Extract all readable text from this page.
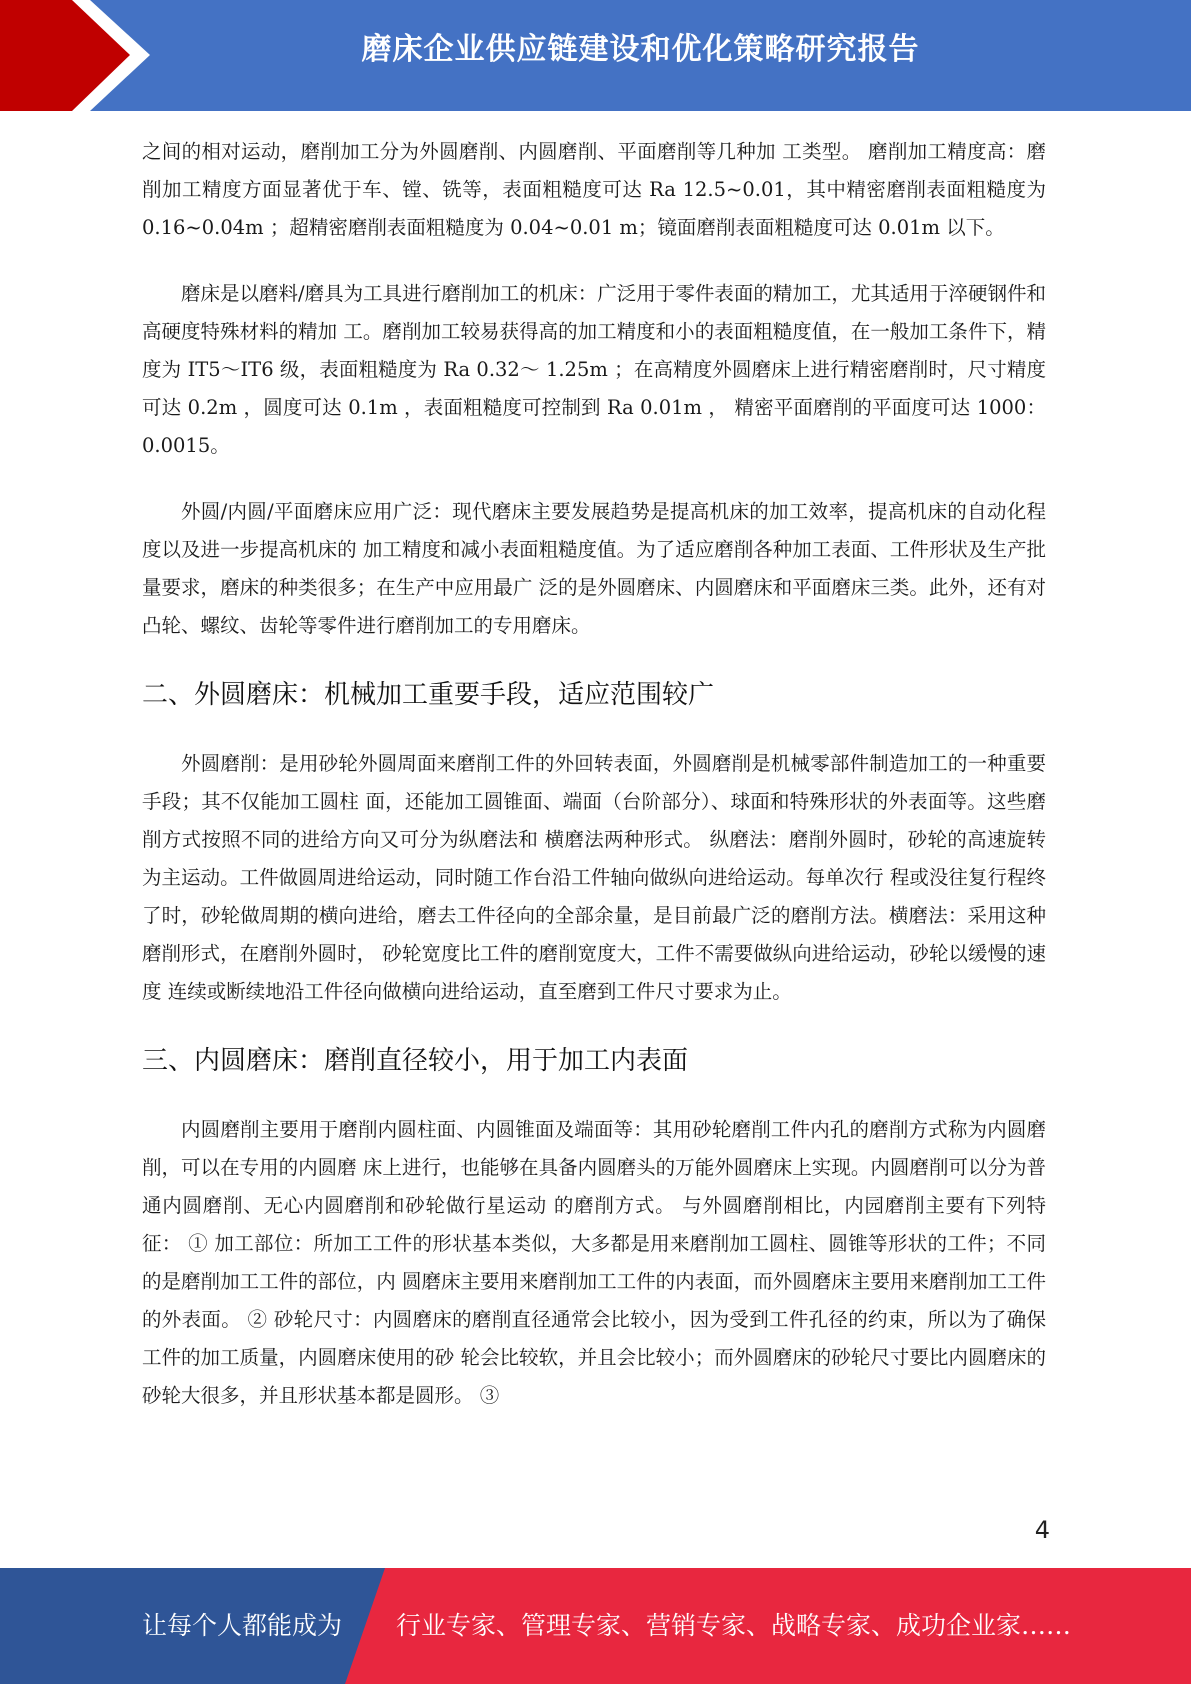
磨床企业供应链建设和优化策略研究报告

之间的相对运动，磨削加工分为外圆磨削、内圆磨削、平面磨削等几种加 工类型。 磨削加工精度高：磨削加工精度方面显著优于车、镗、铣等，表面粗糙度可达 Ra 12.5~0.01，其中精密磨削表面粗糙度为 0.16~0.04m ；超精密磨削表面粗糙度为 0.04~0.01 m；镜面磨削表面粗糙度可达 0.01m 以下。

磨床是以磨料/磨具为工具进行磨削加工的机床：广泛用于零件表面的精加工，尤其适用于淬硬钢件和高硬度特殊材料的精加 工。磨削加工较易获得高的加工精度和小的表面粗糙度值，在一般加工条件下，精度为 IT5～IT6 级，表面粗糙度为 Ra 0.32～ 1.25m ；在高精度外圆磨床上进行精密磨削时，尺寸精度可达 0.2m ，圆度可达 0.1m ，表面粗糙度可控制到 Ra 0.01m ， 精密平面磨削的平面度可达 1000：0.0015。

外圆/内圆/平面磨床应用广泛：现代磨床主要发展趋势是提高机床的加工效率，提高机床的自动化程度以及进一步提高机床的 加工精度和减小表面粗糙度值。为了适应磨削各种加工表面、工件形状及生产批量要求，磨床的种类很多；在生产中应用最广 泛的是外圆磨床、内圆磨床和平面磨床三类。此外，还有对凸轮、螺纹、齿轮等零件进行磨削加工的专用磨床。

二、外圆磨床：机械加工重要手段，适应范围较广

外圆磨削：是用砂轮外圆周面来磨削工件的外回转表面，外圆磨削是机械零部件制造加工的一种重要手段；其不仅能加工圆柱 面，还能加工圆锥面、端面（台阶部分）、球面和特殊形状的外表面等。这些磨削方式按照不同的进给方向又可分为纵磨法和 横磨法两种形式。 纵磨法：磨削外圆时，砂轮的高速旋转为主运动。工件做圆周进给运动，同时随工作台沿工件轴向做纵向进给运动。每单次行 程或没往复行程终了时，砂轮做周期的横向进给，磨去工件径向的全部余量，是目前最广泛的磨削方法。横磨法：采用这种磨削形式，在磨削外圆时， 砂轮宽度比工件的磨削宽度大，工件不需要做纵向进给运动，砂轮以缓慢的速度 连续或断续地沿工件径向做横向进给运动，直至磨到工件尺寸要求为止。

三、内圆磨床：磨削直径较小，用于加工内表面

内圆磨削主要用于磨削内圆柱面、内圆锥面及端面等：其用砂轮磨削工件内孔的磨削方式称为内圆磨削，可以在专用的内圆磨 床上进行，也能够在具备内圆磨头的万能外圆磨床上实现。内圆磨削可以分为普通内圆磨削、无心内圆磨削和砂轮做行星运动 的磨削方式。 与外圆磨削相比，内园磨削主要有下列特征： ① 加工部位：所加工工件的形状基本类似，大多都是用来磨削加工圆柱、圆锥等形状的工件；不同的是磨削加工工件的部位，内 圆磨床主要用来磨削加工工件的内表面，而外圆磨床主要用来磨削加工工件的外表面。 ② 砂轮尺寸：内圆磨床的磨削直径通常会比较小，因为受到工件孔径的约束，所以为了确保工件的加工质量，内圆磨床使用的砂 轮会比较软，并且会比较小；而外圆磨床的砂轮尺寸要比内圆磨床的砂轮大很多，并且形状基本都是圆形。 ③

4
让每个人都能成为 行业专家、管理专家、营销专家、战略专家、成功企业家……
